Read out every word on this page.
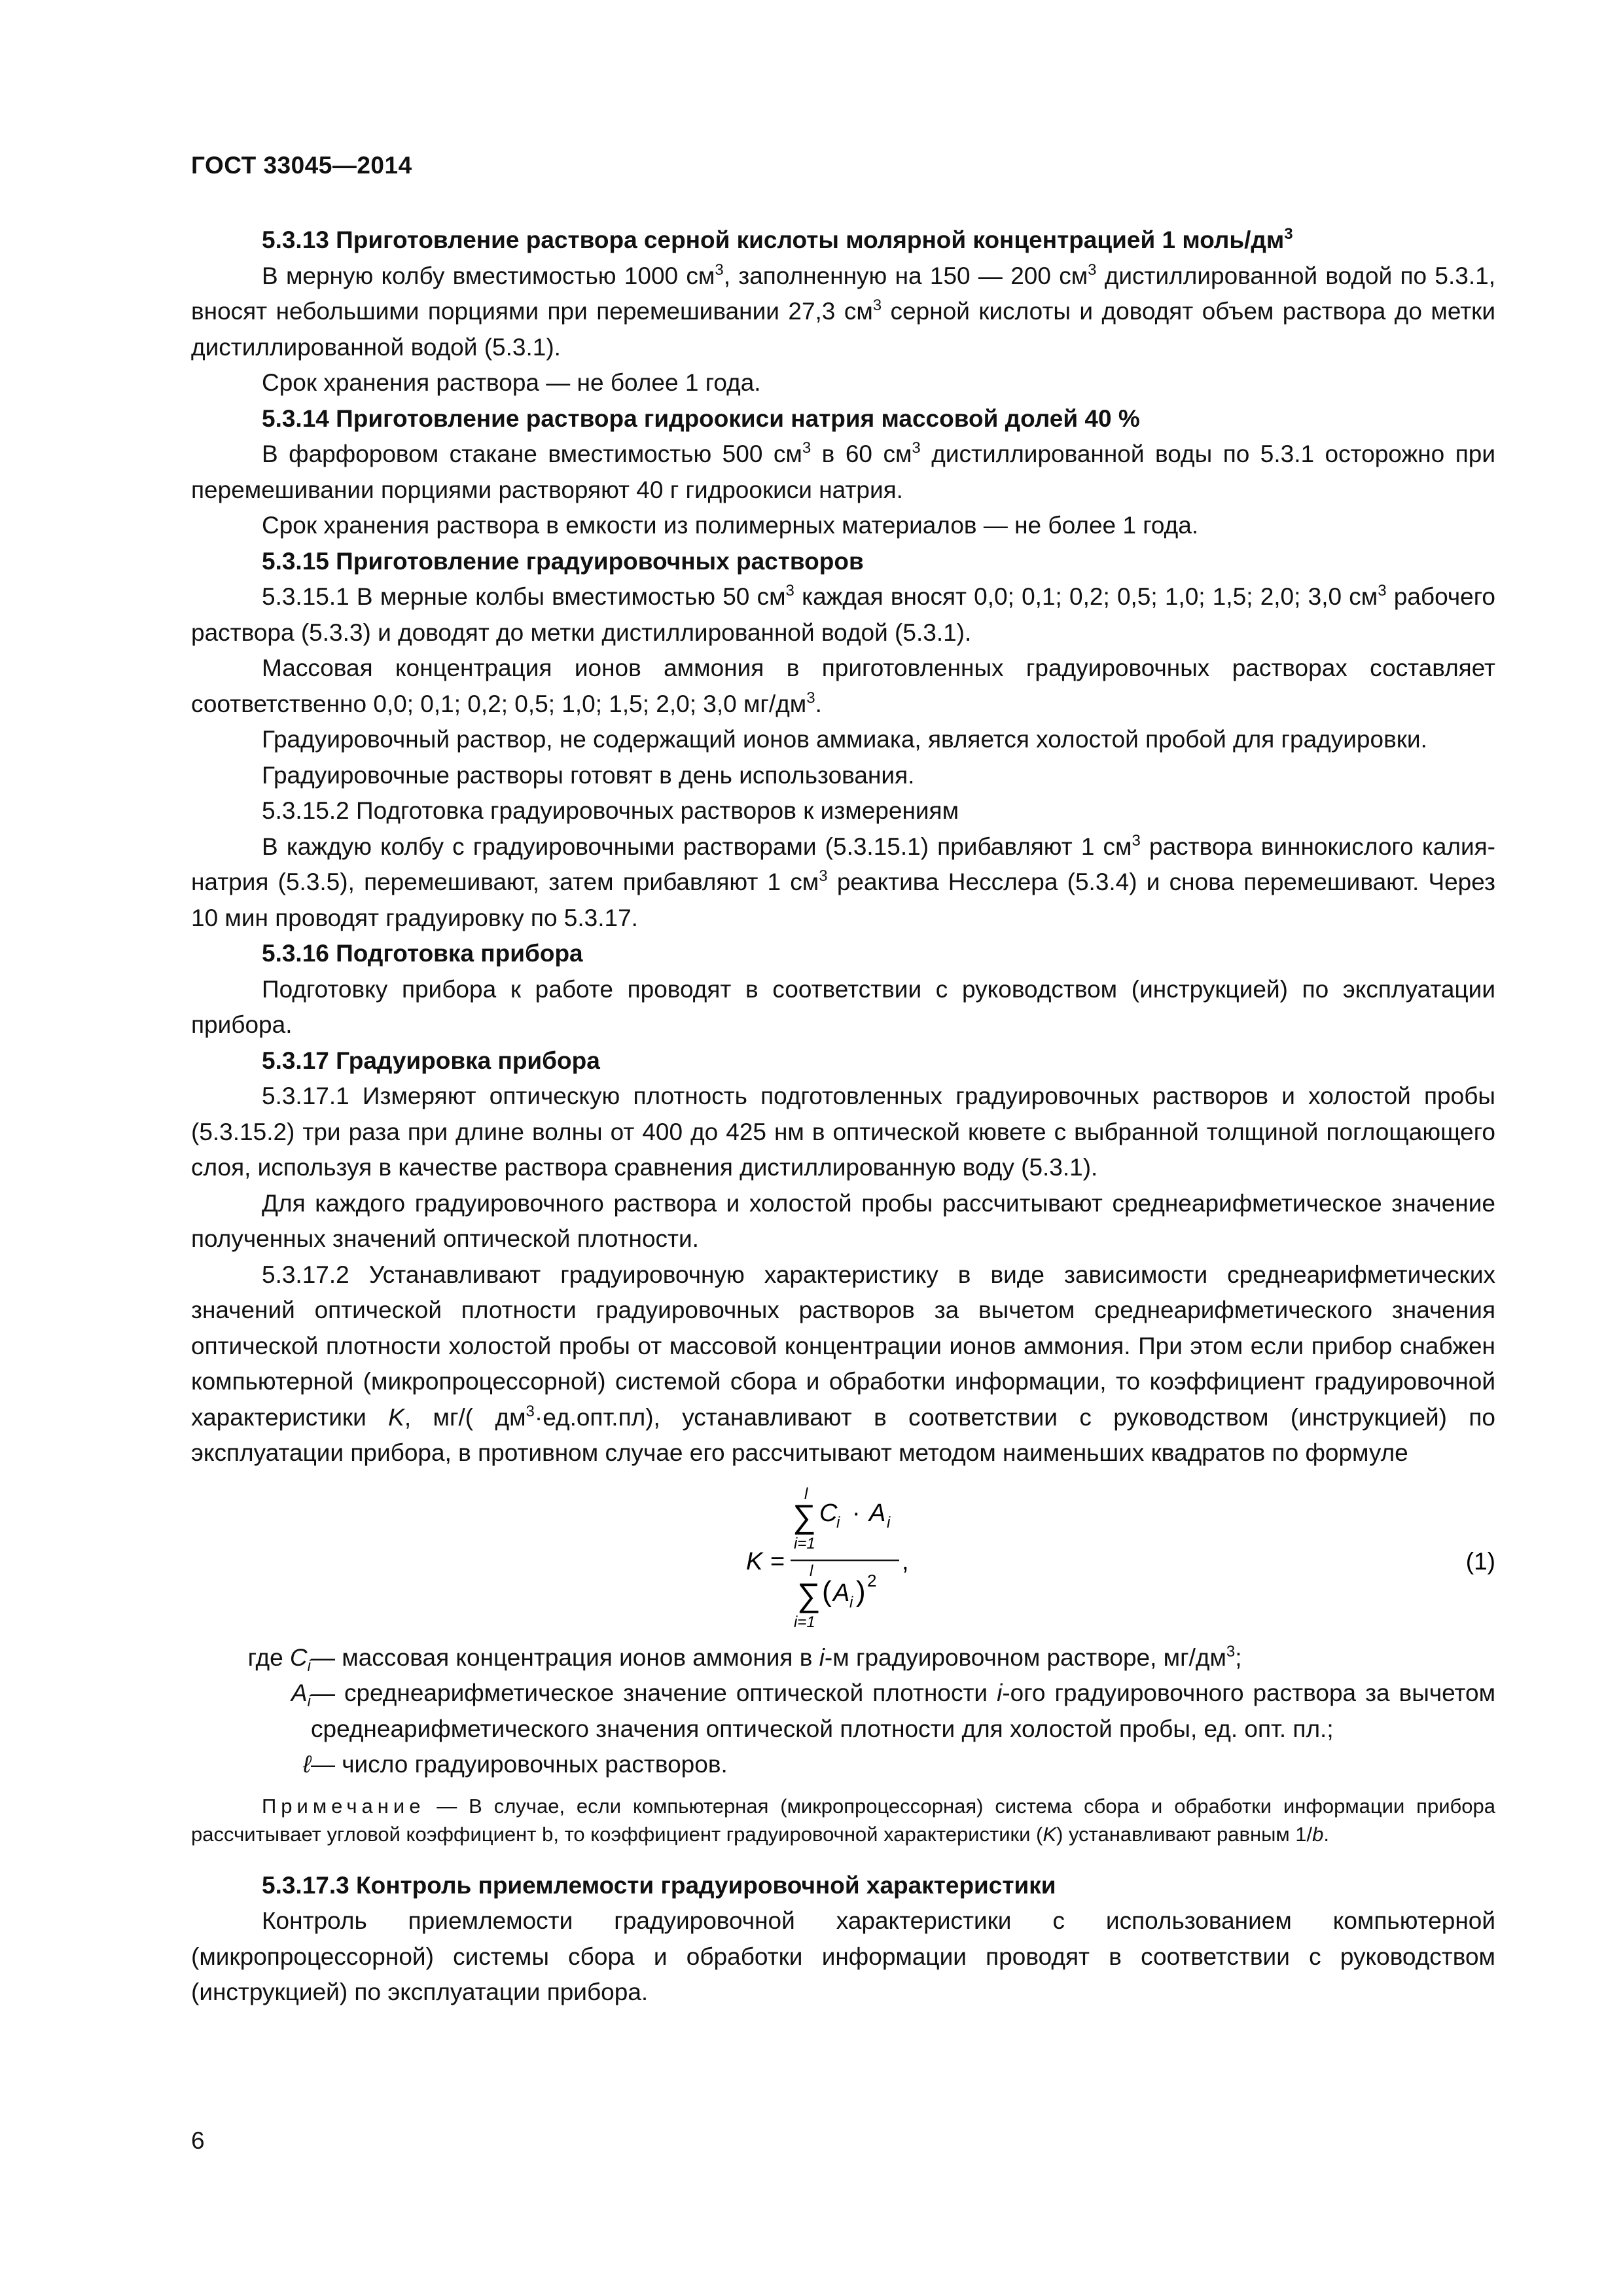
ГОСТ 33045—2014

5.3.13 Приготовление раствора серной кислоты молярной концентрацией 1 моль/$дм^3$

В мерную колбу вместимостью 1000 $см^3$, заполненную на 150 — 200 $см^3$ дистиллированной водой по 5.3.1, вносят небольшими порциями при перемешивании 27,3 $см^3$ серной кислоты и доводят объем раствора до метки дистиллированной водой (5.3.1).

Срок хранения раствора — не более 1 года.

5.3.14 Приготовление раствора гидроокиси натрия массовой долей 40 %

В фарфоровом стакане вместимостью 500 $см^3$ в 60 $см^3$ дистиллированной воды по 5.3.1 осторожно при перемешивании порциями растворяют 40 г гидроокиси натрия.

Срок хранения раствора в емкости из полимерных материалов — не более 1 года.

5.3.15 Приготовление градуировочных растворов

5.3.15.1 В мерные колбы вместимостью 50 $см^3$ каждая вносят 0,0; 0,1; 0,2; 0,5; 1,0; 1,5; 2,0; 3,0 $см^3$ рабочего раствора (5.3.3) и доводят до метки дистиллированной водой (5.3.1).

Массовая концентрация ионов аммония в приготовленных градуировочных растворах составляет соответственно 0,0; 0,1; 0,2; 0,5; 1,0; 1,5; 2,0; 3,0 $мг/дм^3$.

Градуировочный раствор, не содержащий ионов аммиака, является холостой пробой для градуировки.

Градуировочные растворы готовят в день использования.

5.3.15.2 Подготовка градуировочных растворов к измерениям

В каждую колбу с градуировочными растворами (5.3.15.1) прибавляют 1 $см^3$ раствора виннокислого калия-натрия (5.3.5), перемешивают, затем прибавляют 1 $см^3$ реактива Несслера (5.3.4) и снова перемешивают. Через 10 мин проводят градуировку по 5.3.17.

5.3.16 Подготовка прибора

Подготовку прибора к работе проводят в соответствии с руководством (инструкцией) по эксплуатации прибора.

5.3.17 Градуировка прибора

5.3.17.1 Измеряют оптическую плотность подготовленных градуировочных растворов и холостой пробы (5.3.15.2) три раза при длине волны от 400 до 425 нм в оптической кювете с выбранной толщиной поглощающего слоя, используя в качестве раствора сравнения дистиллированную воду (5.3.1).

Для каждого градуировочного раствора и холостой пробы рассчитывают среднеарифметическое значение полученных значений оптической плотности.

5.3.17.2 Устанавливают градуировочную характеристику в виде зависимости среднеарифметических значений оптической плотности градуировочных растворов за вычетом среднеарифметического значения оптической плотности холостой пробы от массовой концентрации ионов аммония. При этом если прибор снабжен компьютерной (микропроцессорной) системой сбора и обработки информации, то коэффициент градуировочной характеристики K, мг/( $дм^3\cdot ед.опт.пл$), устанавливают в соответствии с руководством (инструкцией) по эксплуатации прибора, в противном случае его рассчитывают методом наименьших квадратов по формуле

K =
l
∑
i=1
C
i · A i
,
l
∑
i=1
( A i ) 2
(1)
где $C_i$ — массовая концентрация ионов аммония в i-м градуировочном растворе, $мг/дм^3$;
$A_i$ — среднеарифметическое значение оптической плотности i-ого градуировочного раствора за вычетом среднеарифметического значения оптической плотности для холостой пробы, ед. опт. пл.;
ℓ — число градуировочных растворов.

Примечание — В случае, если компьютерная (микропроцессорная) система сбора и обработки информации прибора рассчитывает угловой коэффициент b, то коэффициент градуировочной характеристики (K) устанавливают равным 1/b.

5.3.17.3 Контроль приемлемости градуировочной характеристики

Контроль приемлемости градуировочной характеристики с использованием компьютерной (микропроцессорной) системы сбора и обработки информации проводят в соответствии с руководством (инструкцией) по эксплуатации прибора.

6
